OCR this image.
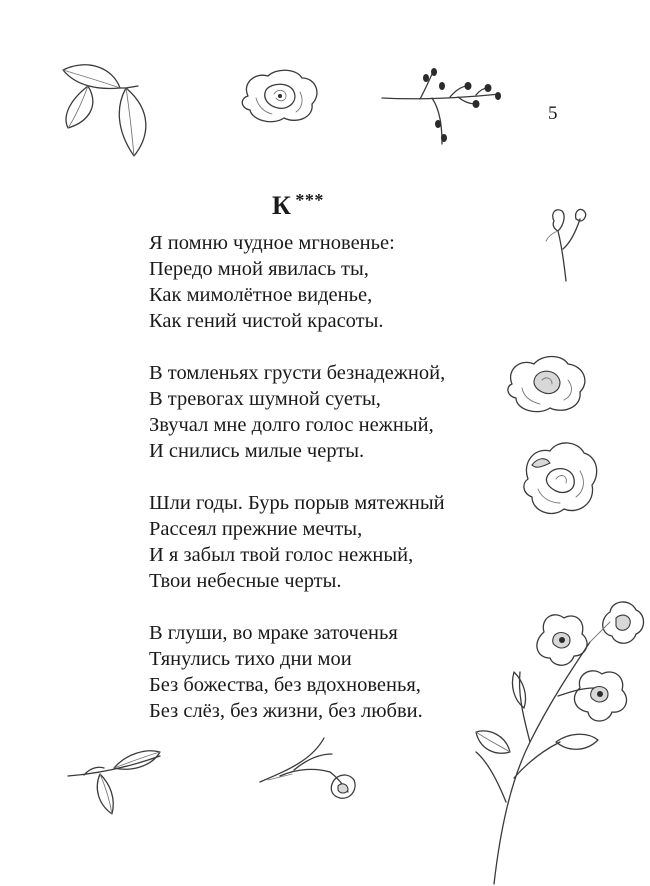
5
К ***
Я помню чудное мгновенье:
Передо мной явилась ты,
Как мимолётное виденье,
Как гений чистой красоты.
В томленьях грусти безнадежной,
В тревогах шумной суеты,
Звучал мне долго голос нежный,
И снились милые черты.
Шли годы. Бурь порыв мятежный
Рассеял прежние мечты,
И я забыл твой голос нежный,
Твои небесные черты.
В глуши, во мраке заточенья
Тянулись тихо дни мои
Без божества, без вдохновенья,
Без слёз, без жизни, без любви.
